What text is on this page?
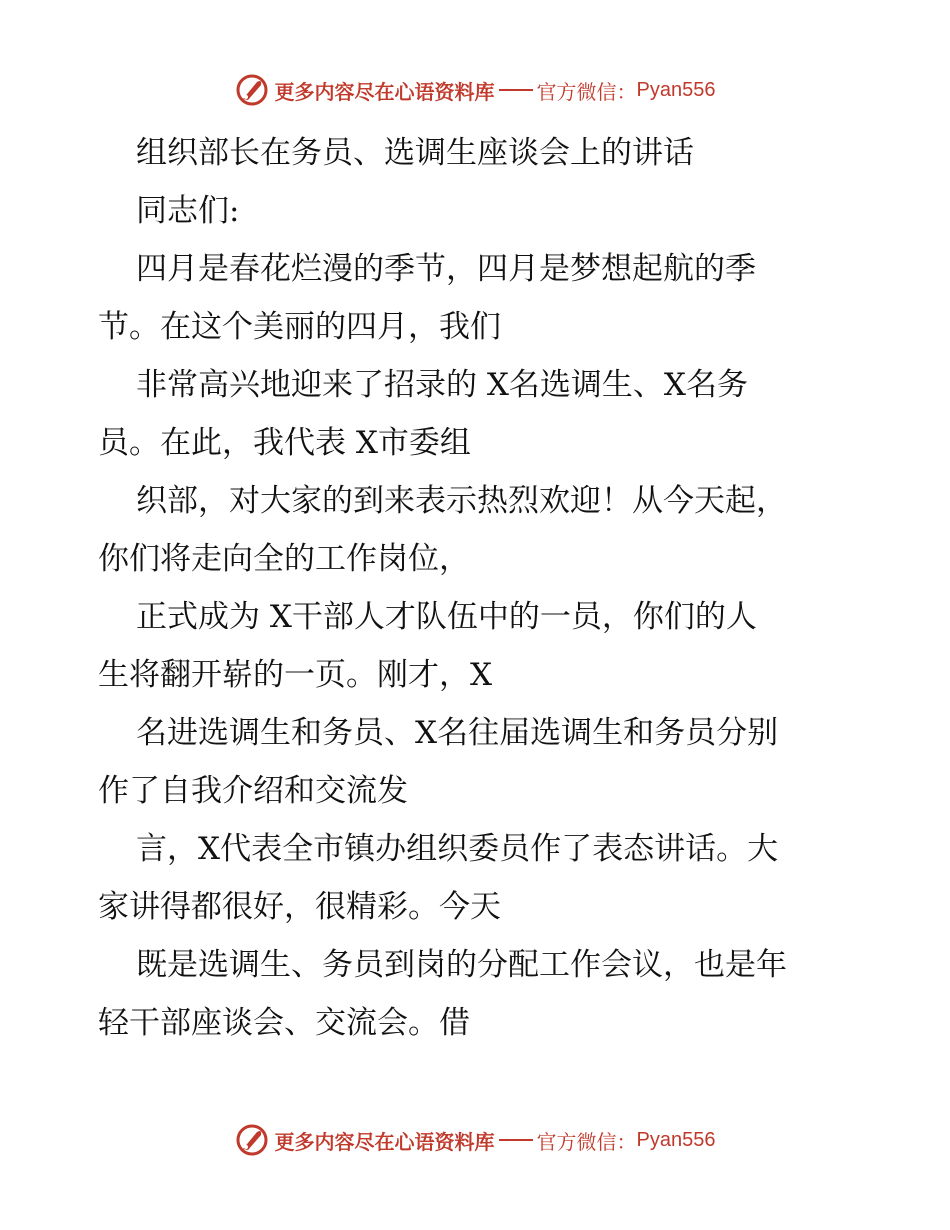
更多内容尽在心语资料库 官方微信： Pyan556
组织部长在务员、选调生座谈会上的讲话
同志们:
四月是春花烂漫的季节，四月是梦想起航的季
节。在这个美丽的四月，我们
非常高兴地迎来了招录的 X名选调生、X名务
员。在此，我代表 X市委组
织部，对大家的到来表示热烈欢迎！从今天起，
你们将走向全的工作岗位，
正式成为 X干部人才队伍中的一员，你们的人
生将翻开崭的一页。刚才，X
名进选调生和务员、X名往届选调生和务员分别
作了自我介绍和交流发
言，X代表全市镇办组织委员作了表态讲话。大
家讲得都很好，很精彩。今天
既是选调生、务员到岗的分配工作会议，也是年
轻干部座谈会、交流会。借
更多内容尽在心语资料库 官方微信： Pyan556
